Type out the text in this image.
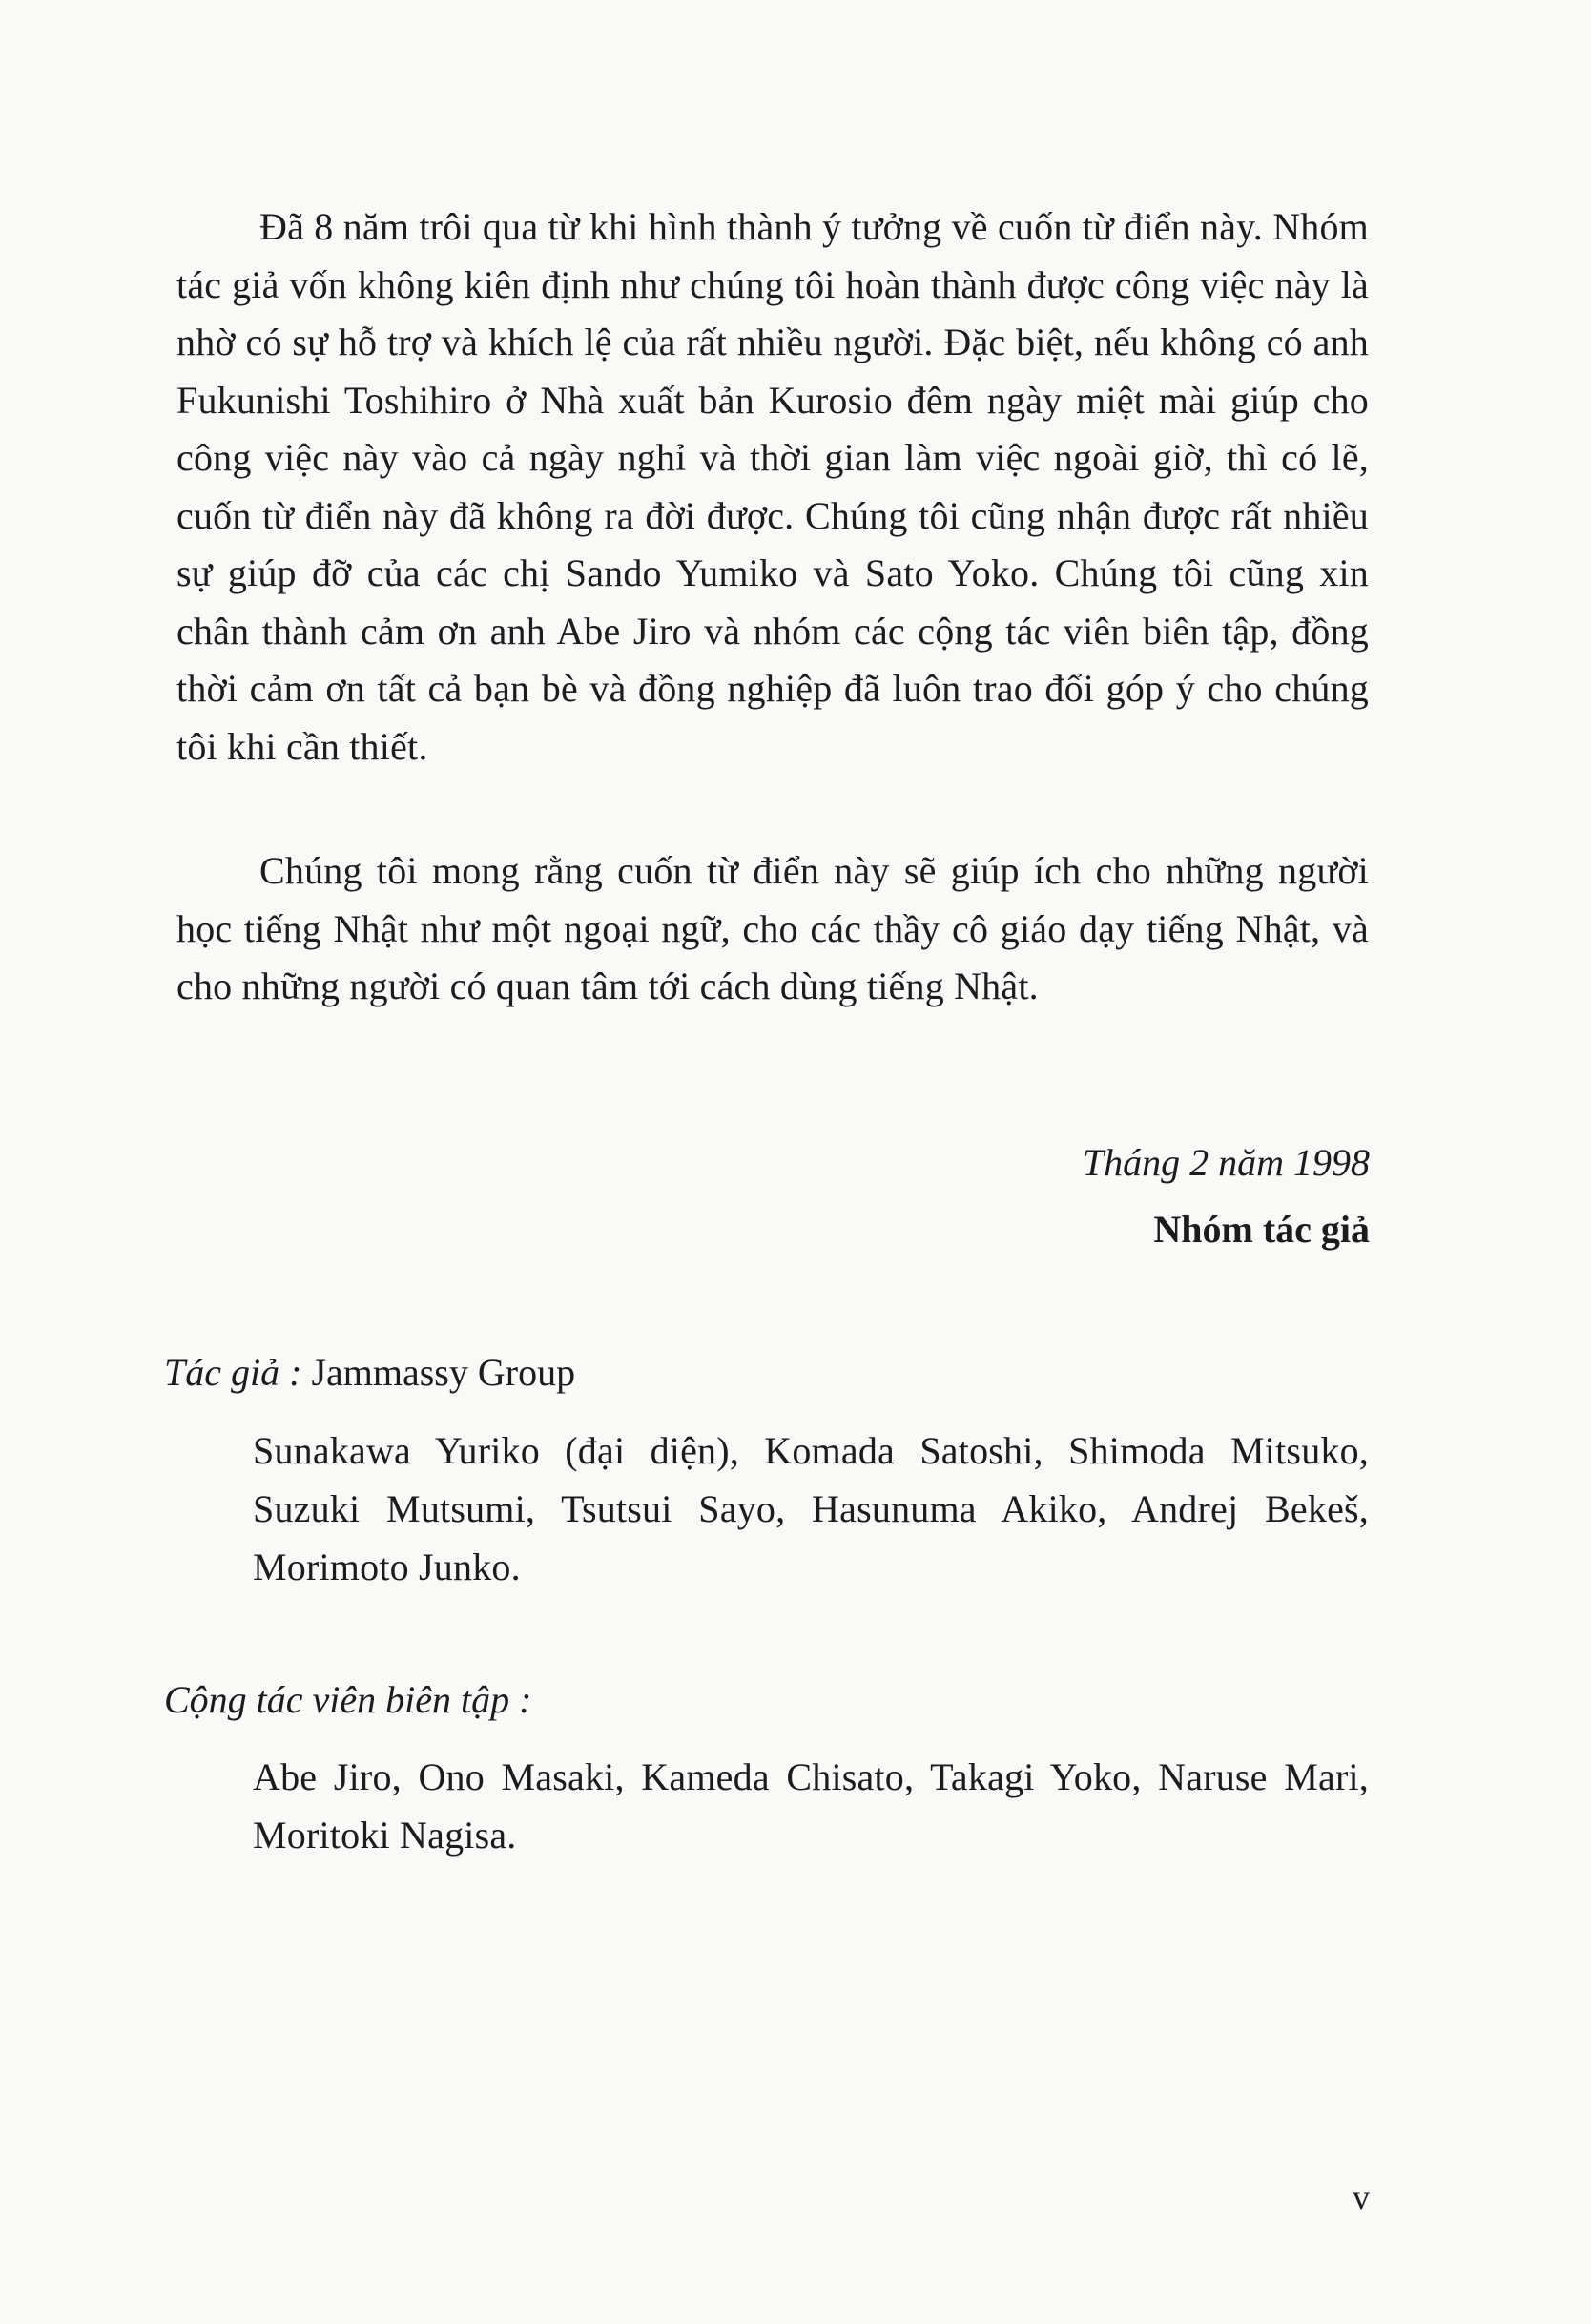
Đã 8 năm trôi qua từ khi hình thành ý tưởng về cuốn từ điển này. Nhóm tác giả vốn không kiên định như chúng tôi hoàn thành được công việc này là nhờ có sự hỗ trợ và khích lệ của rất nhiều người. Đặc biệt, nếu không có anh Fukunishi Toshihiro ở Nhà xuất bản Kurosio đêm ngày miệt mài giúp cho công việc này vào cả ngày nghỉ và thời gian làm việc ngoài giờ, thì có lẽ, cuốn từ điển này đã không ra đời được. Chúng tôi cũng nhận được rất nhiều sự giúp đỡ của các chị Sando Yumiko và Sato Yoko. Chúng tôi cũng xin chân thành cảm ơn anh Abe Jiro và nhóm các cộng tác viên biên tập, đồng thời cảm ơn tất cả bạn bè và đồng nghiệp đã luôn trao đổi góp ý cho chúng tôi khi cần thiết.

Chúng tôi mong rằng cuốn từ điển này sẽ giúp ích cho những người học tiếng Nhật như một ngoại ngữ, cho các thầy cô giáo dạy tiếng Nhật, và cho những người có quan tâm tới cách dùng tiếng Nhật.

Tháng 2 năm 1998
Nhóm tác giả
Tác giả : Jammassy Group
Sunakawa Yuriko (đại diện), Komada Satoshi, Shimoda Mitsuko, Suzuki Mutsumi, Tsutsui Sayo, Hasunuma Akiko, Andrej Bekeš, Morimoto Junko.
Cộng tác viên biên tập :
Abe Jiro, Ono Masaki, Kameda Chisato, Takagi Yoko, Naruse Mari, Moritoki Nagisa.
v
